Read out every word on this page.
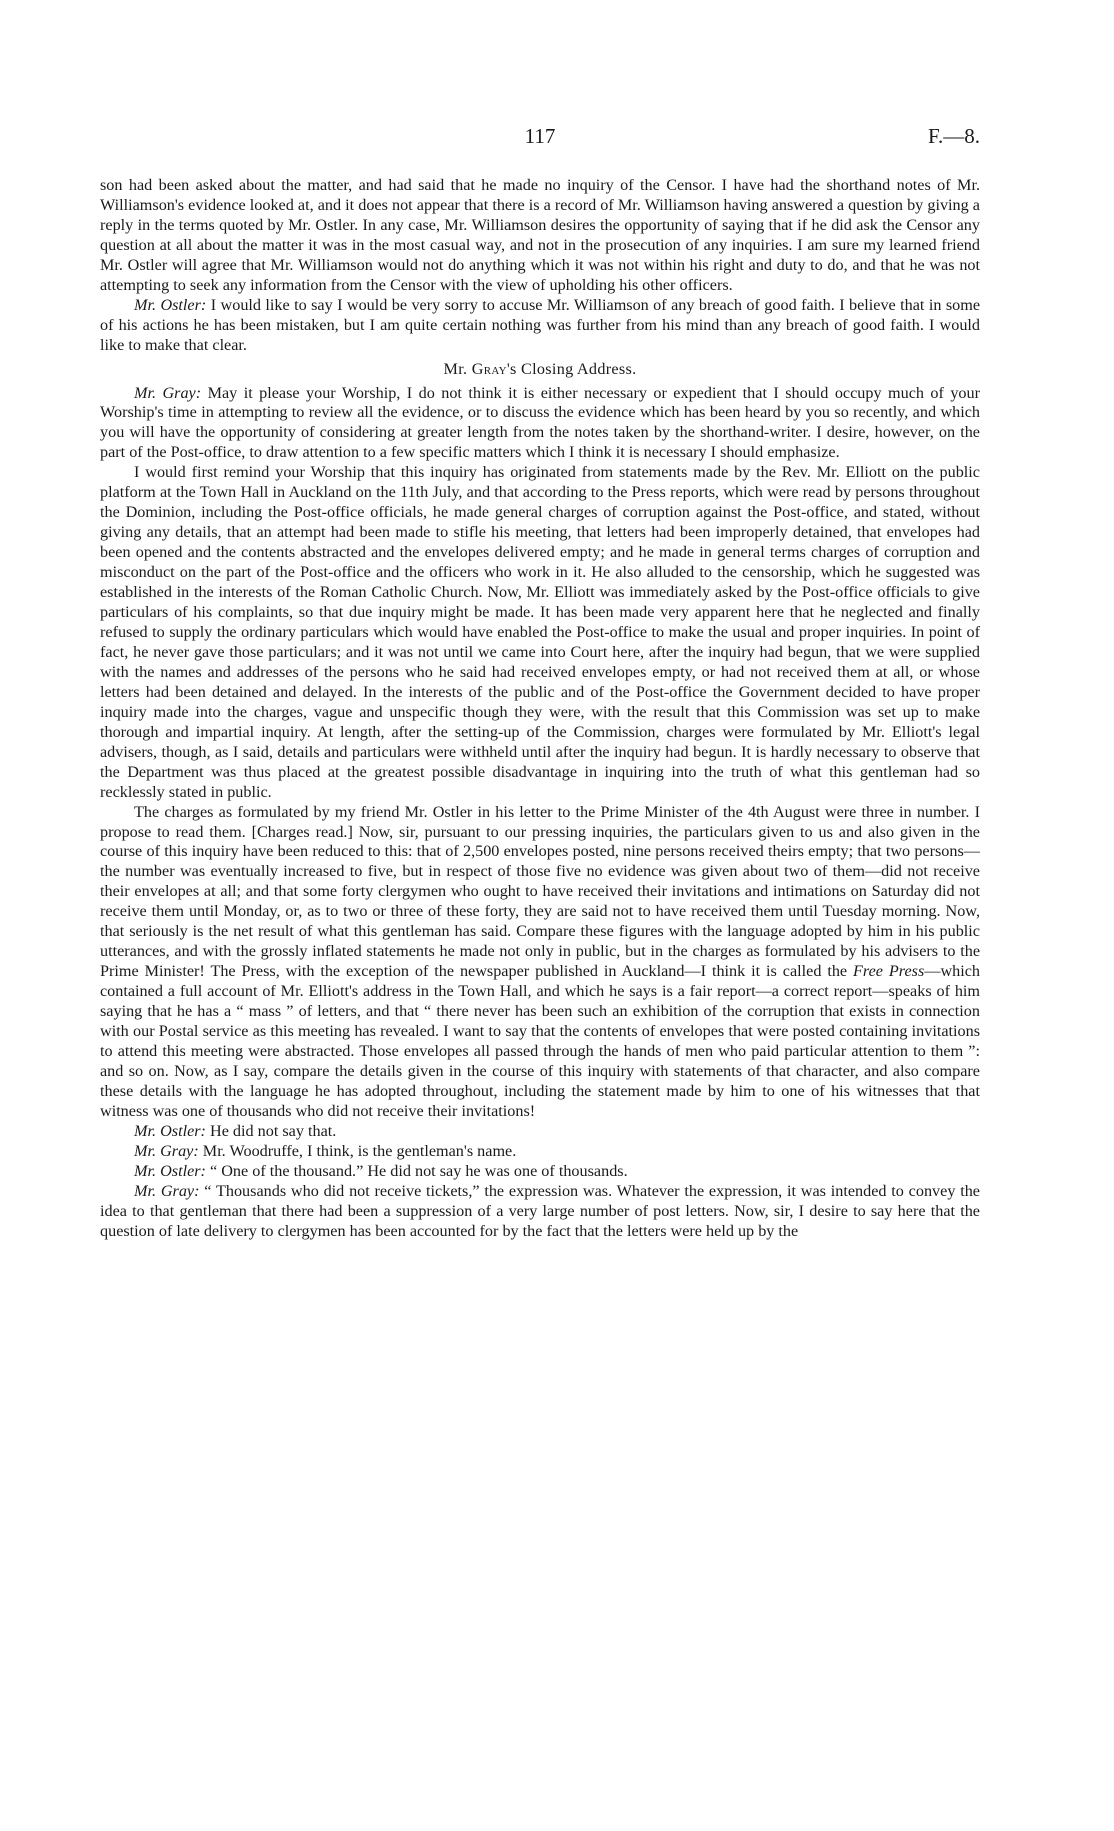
117	F.—8.

son had been asked about the matter, and had said that he made no inquiry of the Censor. I have had the shorthand notes of Mr. Williamson's evidence looked at, and it does not appear that there is a record of Mr. Williamson having answered a question by giving a reply in the terms quoted by Mr. Ostler. In any case, Mr. Williamson desires the opportunity of saying that if he did ask the Censor any question at all about the matter it was in the most casual way, and not in the prosecution of any inquiries. I am sure my learned friend Mr. Ostler will agree that Mr. Williamson would not do anything which it was not within his right and duty to do, and that he was not attempting to seek any information from the Censor with the view of upholding his other officers.

Mr. Ostler: I would like to say I would be very sorry to accuse Mr. Williamson of any breach of good faith. I believe that in some of his actions he has been mistaken, but I am quite certain nothing was further from his mind than any breach of good faith. I would like to make that clear.

Mr. Gray's Closing Address.

Mr. Gray: May it please your Worship, I do not think it is either necessary or expedient that I should occupy much of your Worship's time in attempting to review all the evidence, or to discuss the evidence which has been heard by you so recently, and which you will have the opportunity of considering at greater length from the notes taken by the shorthand-writer. I desire, however, on the part of the Post-office, to draw attention to a few specific matters which I think it is necessary I should emphasize.

I would first remind your Worship that this inquiry has originated from statements made by the Rev. Mr. Elliott on the public platform at the Town Hall in Auckland on the 11th July, and that according to the Press reports, which were read by persons throughout the Dominion, including the Post-office officials, he made general charges of corruption against the Post-office, and stated, without giving any details, that an attempt had been made to stifle his meeting, that letters had been improperly detained, that envelopes had been opened and the contents abstracted and the envelopes delivered empty; and he made in general terms charges of corruption and misconduct on the part of the Post-office and the officers who work in it. He also alluded to the censorship, which he suggested was established in the interests of the Roman Catholic Church. Now, Mr. Elliott was immediately asked by the Post-office officials to give particulars of his complaints, so that due inquiry might be made. It has been made very apparent here that he neglected and finally refused to supply the ordinary particulars which would have enabled the Post-office to make the usual and proper inquiries. In point of fact, he never gave those particulars; and it was not until we came into Court here, after the inquiry had begun, that we were supplied with the names and addresses of the persons who he said had received envelopes empty, or had not received them at all, or whose letters had been detained and delayed. In the interests of the public and of the Post-office the Government decided to have proper inquiry made into the charges, vague and unspecific though they were, with the result that this Commission was set up to make thorough and impartial inquiry. At length, after the setting-up of the Commission, charges were formulated by Mr. Elliott's legal advisers, though, as I said, details and particulars were withheld until after the inquiry had begun. It is hardly necessary to observe that the Department was thus placed at the greatest possible disadvantage in inquiring into the truth of what this gentleman had so recklessly stated in public.

The charges as formulated by my friend Mr. Ostler in his letter to the Prime Minister of the 4th August were three in number. I propose to read them. [Charges read.] Now, sir, pursuant to our pressing inquiries, the particulars given to us and also given in the course of this inquiry have been reduced to this: that of 2,500 envelopes posted, nine persons received theirs empty; that two persons—the number was eventually increased to five, but in respect of those five no evidence was given about two of them—did not receive their envelopes at all; and that some forty clergymen who ought to have received their invitations and intimations on Saturday did not receive them until Monday, or, as to two or three of these forty, they are said not to have received them until Tuesday morning. Now, that seriously is the net result of what this gentleman has said. Compare these figures with the language adopted by him in his public utterances, and with the grossly inflated statements he made not only in public, but in the charges as formulated by his advisers to the Prime Minister! The Press, with the exception of the newspaper published in Auckland—I think it is called the Free Press—which contained a full account of Mr. Elliott's address in the Town Hall, and which he says is a fair report—a correct report—speaks of him saying that he has a “ mass ” of letters, and that “ there never has been such an exhibition of the corruption that exists in connection with our Postal service as this meeting has revealed. I want to say that the contents of envelopes that were posted containing invitations to attend this meeting were abstracted. Those envelopes all passed through the hands of men who paid particular attention to them ”: and so on. Now, as I say, compare the details given in the course of this inquiry with statements of that character, and also compare these details with the language he has adopted throughout, including the statement made by him to one of his witnesses that that witness was one of thousands who did not receive their invitations!

Mr. Ostler: He did not say that.

Mr. Gray: Mr. Woodruffe, I think, is the gentleman's name.

Mr. Ostler: “ One of the thousand.” He did not say he was one of thousands.

Mr. Gray: “ Thousands who did not receive tickets,” the expression was. Whatever the expression, it was intended to convey the idea to that gentleman that there had been a suppression of a very large number of post letters. Now, sir, I desire to say here that the question of late delivery to clergymen has been accounted for by the fact that the letters were held up by the
